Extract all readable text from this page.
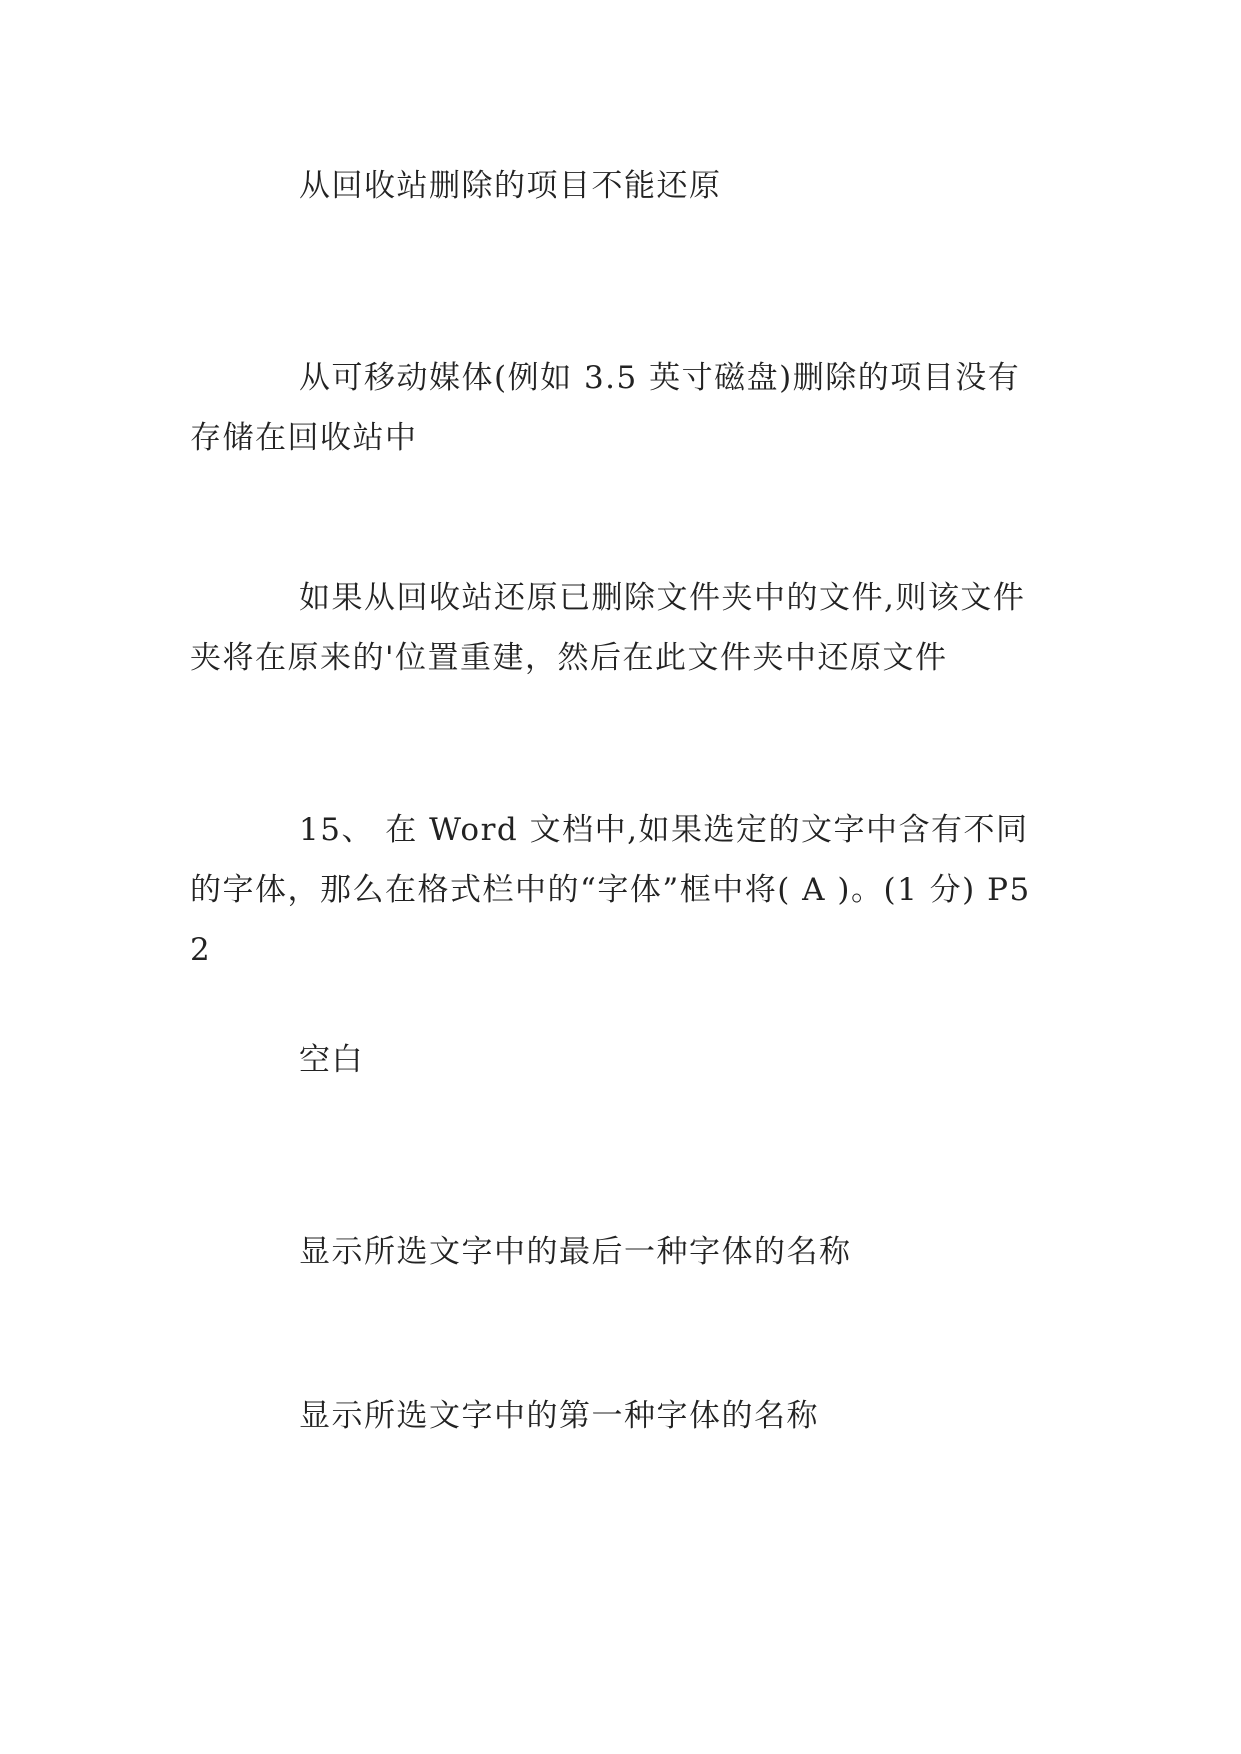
从回收站删除的项目不能还原

从可移动媒体(例如 3.5 英寸磁盘)删除的项目没有存储在回收站中

如果从回收站还原已删除文件夹中的文件,则该文件夹将在原来的'位置重建，然后在此文件夹中还原文件

15、 在 Word 文档中,如果选定的文字中含有不同的字体，那么在格式栏中的“字体”框中将( A )。(1 分) P52

空白

显示所选文字中的最后一种字体的名称

显示所选文字中的第一种字体的名称
